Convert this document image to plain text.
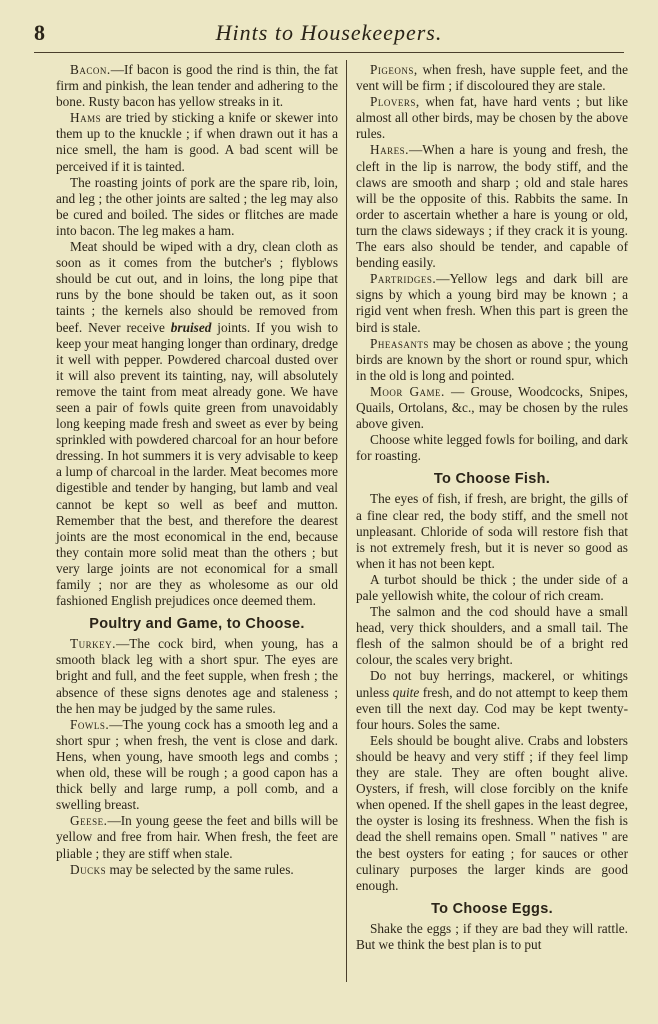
8	Hints to Housekeepers.

Bacon.—If bacon is good the rind is thin, the fat firm and pinkish, the lean tender and adhering to the bone. Rusty bacon has yellow streaks in it.

Hams are tried by sticking a knife or skewer into them up to the knuckle ; if when drawn out it has a nice smell, the ham is good. A bad scent will be perceived if it is tainted.

The roasting joints of pork are the spare rib, loin, and leg ; the other joints are salted ; the leg may also be cured and boiled. The sides or flitches are made into bacon. The leg makes a ham.

Meat should be wiped with a dry, clean cloth as soon as it comes from the butcher's ; flyblows should be cut out, and in loins, the long pipe that runs by the bone should be taken out, as it soon taints ; the kernels also should be removed from beef. Never receive bruised joints. If you wish to keep your meat hanging longer than ordinary, dredge it well with pepper. Powdered charcoal dusted over it will also prevent its tainting, nay, will absolutely remove the taint from meat already gone. We have seen a pair of fowls quite green from unavoidably long keeping made fresh and sweet as ever by being sprinkled with powdered charcoal for an hour before dressing. In hot summers it is very advisable to keep a lump of charcoal in the larder. Meat becomes more digestible and tender by hanging, but lamb and veal cannot be kept so well as beef and mutton. Remember that the best, and therefore the dearest joints are the most economical in the end, because they contain more solid meat than the others ; but very large joints are not economical for a small family ; nor are they as wholesome as our old fashioned English prejudices once deemed them.

Poultry and Game, to Choose.

Turkey.—The cock bird, when young, has a smooth black leg with a short spur. The eyes are bright and full, and the feet supple, when fresh ; the absence of these signs denotes age and staleness ; the hen may be judged by the same rules.

Fowls.—The young cock has a smooth leg and a short spur ; when fresh, the vent is close and dark. Hens, when young, have smooth legs and combs ; when old, these will be rough ; a good capon has a thick belly and large rump, a poll comb, and a swelling breast.

Geese.—In young geese the feet and bills will be yellow and free from hair. When fresh, the feet are pliable ; they are stiff when stale.

Ducks may be selected by the same rules.

Pigeons, when fresh, have supple feet, and the vent will be firm ; if discoloured they are stale.

Plovers, when fat, have hard vents ; but like almost all other birds, may be chosen by the above rules.

Hares.—When a hare is young and fresh, the cleft in the lip is narrow, the body stiff, and the claws are smooth and sharp ; old and stale hares will be the opposite of this. Rabbits the same. In order to ascertain whether a hare is young or old, turn the claws sideways ; if they crack it is young. The ears also should be tender, and capable of bending easily.

Partridges.—Yellow legs and dark bill are signs by which a young bird may be known ; a rigid vent when fresh. When this part is green the bird is stale.

Pheasants may be chosen as above ; the young birds are known by the short or round spur, which in the old is long and pointed.

Moor Game. — Grouse, Woodcocks, Snipes, Quails, Ortolans, &c., may be chosen by the rules above given.

Choose white legged fowls for boiling, and dark for roasting.

To Choose Fish.

The eyes of fish, if fresh, are bright, the gills of a fine clear red, the body stiff, and the smell not unpleasant. Chloride of soda will restore fish that is not extremely fresh, but it is never so good as when it has not been kept.

A turbot should be thick ; the under side of a pale yellowish white, the colour of rich cream.

The salmon and the cod should have a small head, very thick shoulders, and a small tail. The flesh of the salmon should be of a bright red colour, the scales very bright.

Do not buy herrings, mackerel, or whitings unless quite fresh, and do not attempt to keep them even till the next day. Cod may be kept twenty-four hours. Soles the same.

Eels should be bought alive. Crabs and lobsters should be heavy and very stiff ; if they feel limp they are stale. They are often bought alive. Oysters, if fresh, will close forcibly on the knife when opened. If the shell gapes in the least degree, the oyster is losing its freshness. When the fish is dead the shell remains open. Small " natives " are the best oysters for eating ; for sauces or other culinary purposes the larger kinds are good enough.

To Choose Eggs.

Shake the eggs ; if they are bad they will rattle. But we think the best plan is to put
